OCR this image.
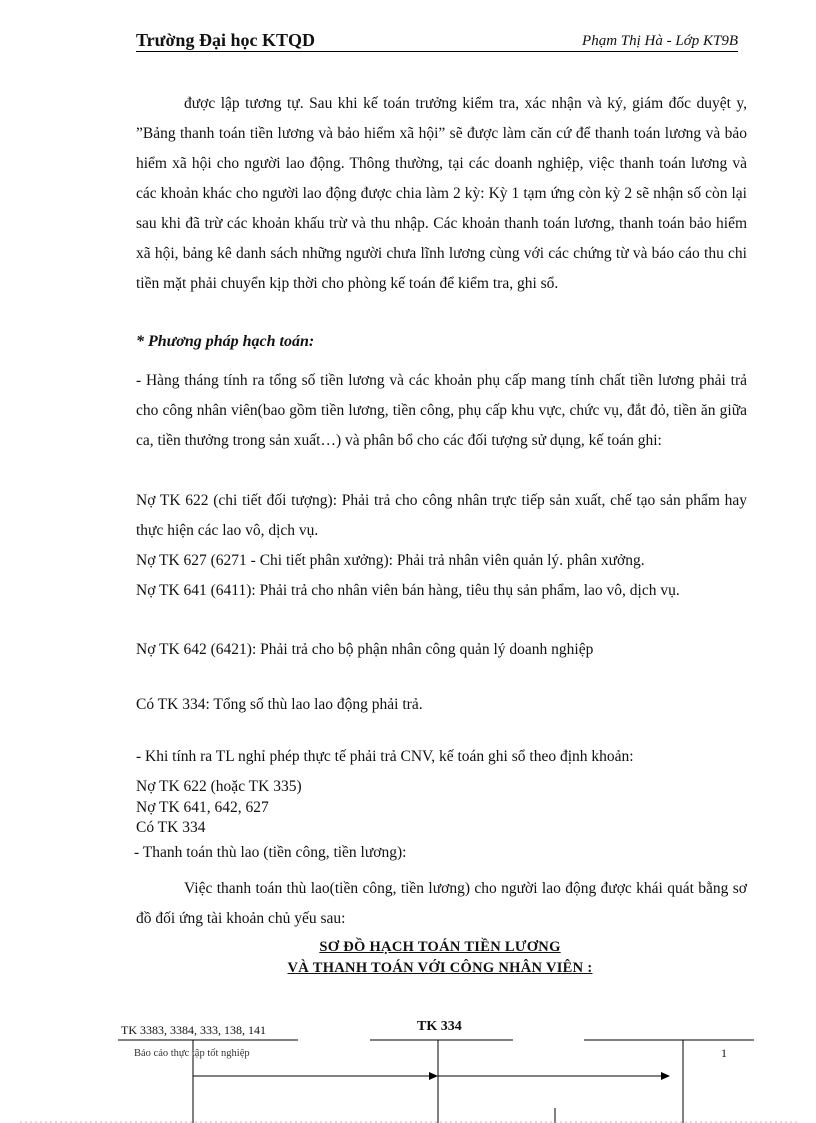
Trường Đại học KTQD	Phạm Thị Hà - Lớp KT9B

được lập tương tự. Sau khi kế toán trưởng kiểm tra, xác nhận và ký, giám đốc duyệt y, ”Bảng thanh toán tiền lương và bảo hiểm xã hội” sẽ được làm căn cứ để thanh toán lương và bảo hiểm xã hội cho người lao động. Thông thường, tại các doanh nghiệp, việc thanh toán lương và các khoản khác cho người lao động được chia làm 2 kỳ: Kỳ 1 tạm ứng còn kỳ 2 sẽ nhận số còn lại sau khi đã trừ các khoản khấu trừ và thu nhập. Các khoản thanh toán lương, thanh toán bảo hiểm xã hội, bảng kê danh sách những người chưa lĩnh lương cùng với các chứng từ và báo cáo thu chi tiền mặt phải chuyển kịp thời cho phòng kế toán để kiểm tra, ghi sổ.

* Phương pháp hạch toán:

- Hàng tháng tính ra tổng số tiền lương và các khoản phụ cấp mang tính chất tiền lương phải trả cho công nhân viên(bao gồm tiền lương, tiền công, phụ cấp khu vực, chức vụ, đắt đỏ, tiền ăn giữa ca, tiền thưởng trong sản xuất…) và phân bổ cho các đối tượng sử dụng, kế toán ghi:

Nợ TK 622 (chi tiết đối tượng): Phải trả cho công nhân trực tiếp sản xuất, chế tạo sản phẩm hay thực hiện các lao vô, dịch vụ.

Nợ TK 627 (6271 - Chi tiết phân xưởng): Phải trả nhân viên quản lý. phân xưởng.

Nợ TK 641 (6411): Phải trả cho nhân viên bán hàng, tiêu thụ sản phẩm, lao vô, dịch vụ.

Nợ TK 642 (6421): Phải trả cho bộ phận nhân công quản lý doanh nghiệp

Có TK 334: Tổng số thù lao lao động phải trả.

- Khi tính ra TL nghỉ phép thực tế phải trả CNV, kế toán ghi sổ theo định khoản:

Nợ TK 622 (hoặc TK 335)

Nợ TK 641, 642, 627

Có TK 334

- Thanh toán thù lao (tiền công, tiền lương):

Việc thanh toán thù lao(tiền công, tiền lương) cho người lao động được khái quát bằng sơ đồ đối ứng tài khoản chủ yếu sau:

SƠ ĐỒ HẠCH TOÁN TIỀN LƯƠNG

VÀ THANH TOÁN VỚI CÔNG NHÂN VIÊN :

TK 3383, 3384, 333, 138, 141	TK 334
Báo cáo thực tập tốt nghiệp	1
